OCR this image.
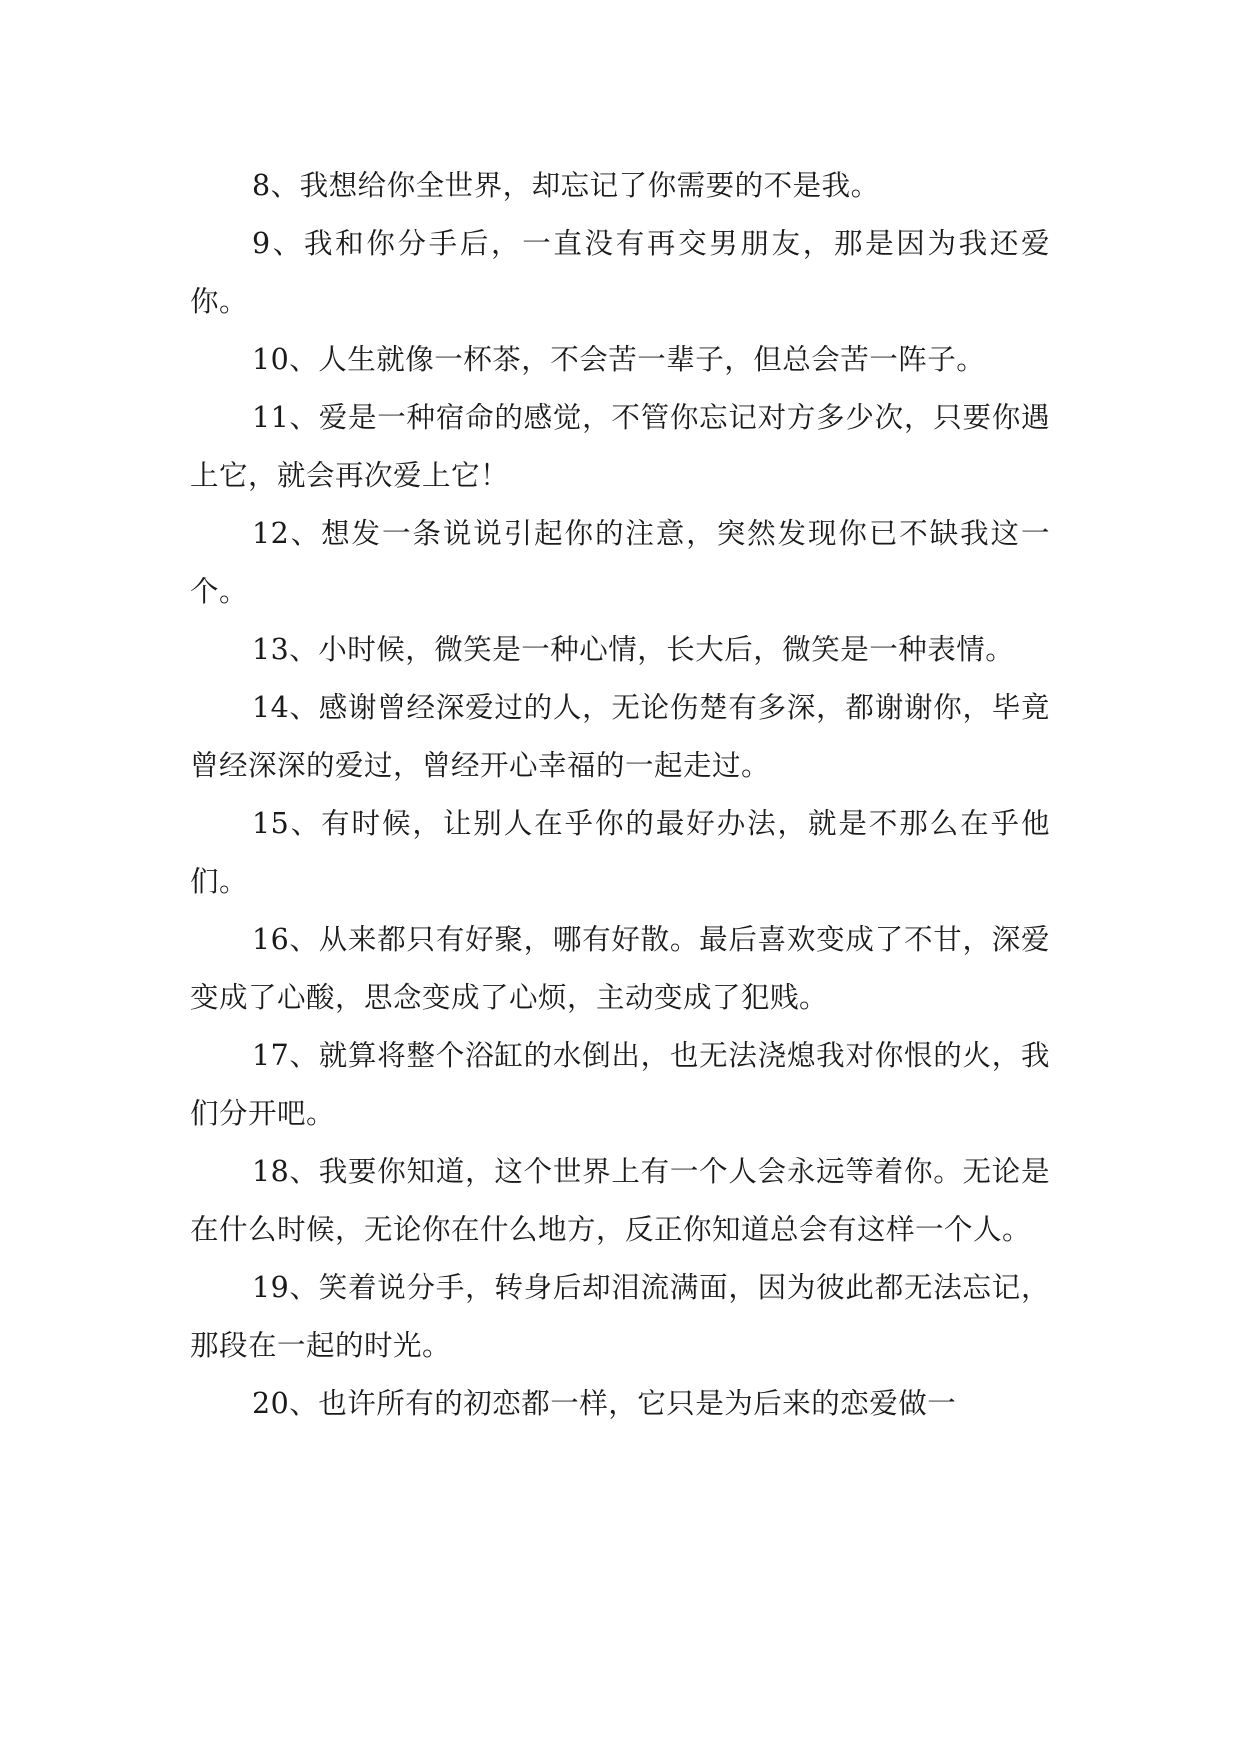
8、我想给你全世界，却忘记了你需要的不是我。

9、我和你分手后，一直没有再交男朋友，那是因为我还爱你。

10、人生就像一杯茶，不会苦一辈子，但总会苦一阵子。

11、爱是一种宿命的感觉，不管你忘记对方多少次，只要你遇上它，就会再次爱上它！

12、想发一条说说引起你的注意，突然发现你已不缺我这一个。

13、小时候，微笑是一种心情，长大后，微笑是一种表情。

14、感谢曾经深爱过的人，无论伤楚有多深，都谢谢你，毕竟曾经深深的爱过，曾经开心幸福的一起走过。

15、有时候，让别人在乎你的最好办法，就是不那么在乎他们。

16、从来都只有好聚，哪有好散。最后喜欢变成了不甘，深爱变成了心酸，思念变成了心烦，主动变成了犯贱。

17、就算将整个浴缸的水倒出，也无法浇熄我对你恨的火，我们分开吧。

18、我要你知道，这个世界上有一个人会永远等着你。无论是在什么时候，无论你在什么地方，反正你知道总会有这样一个人。

19、笑着说分手，转身后却泪流满面，因为彼此都无法忘记，那段在一起的时光。

20、也许所有的初恋都一样，它只是为后来的恋爱做一
